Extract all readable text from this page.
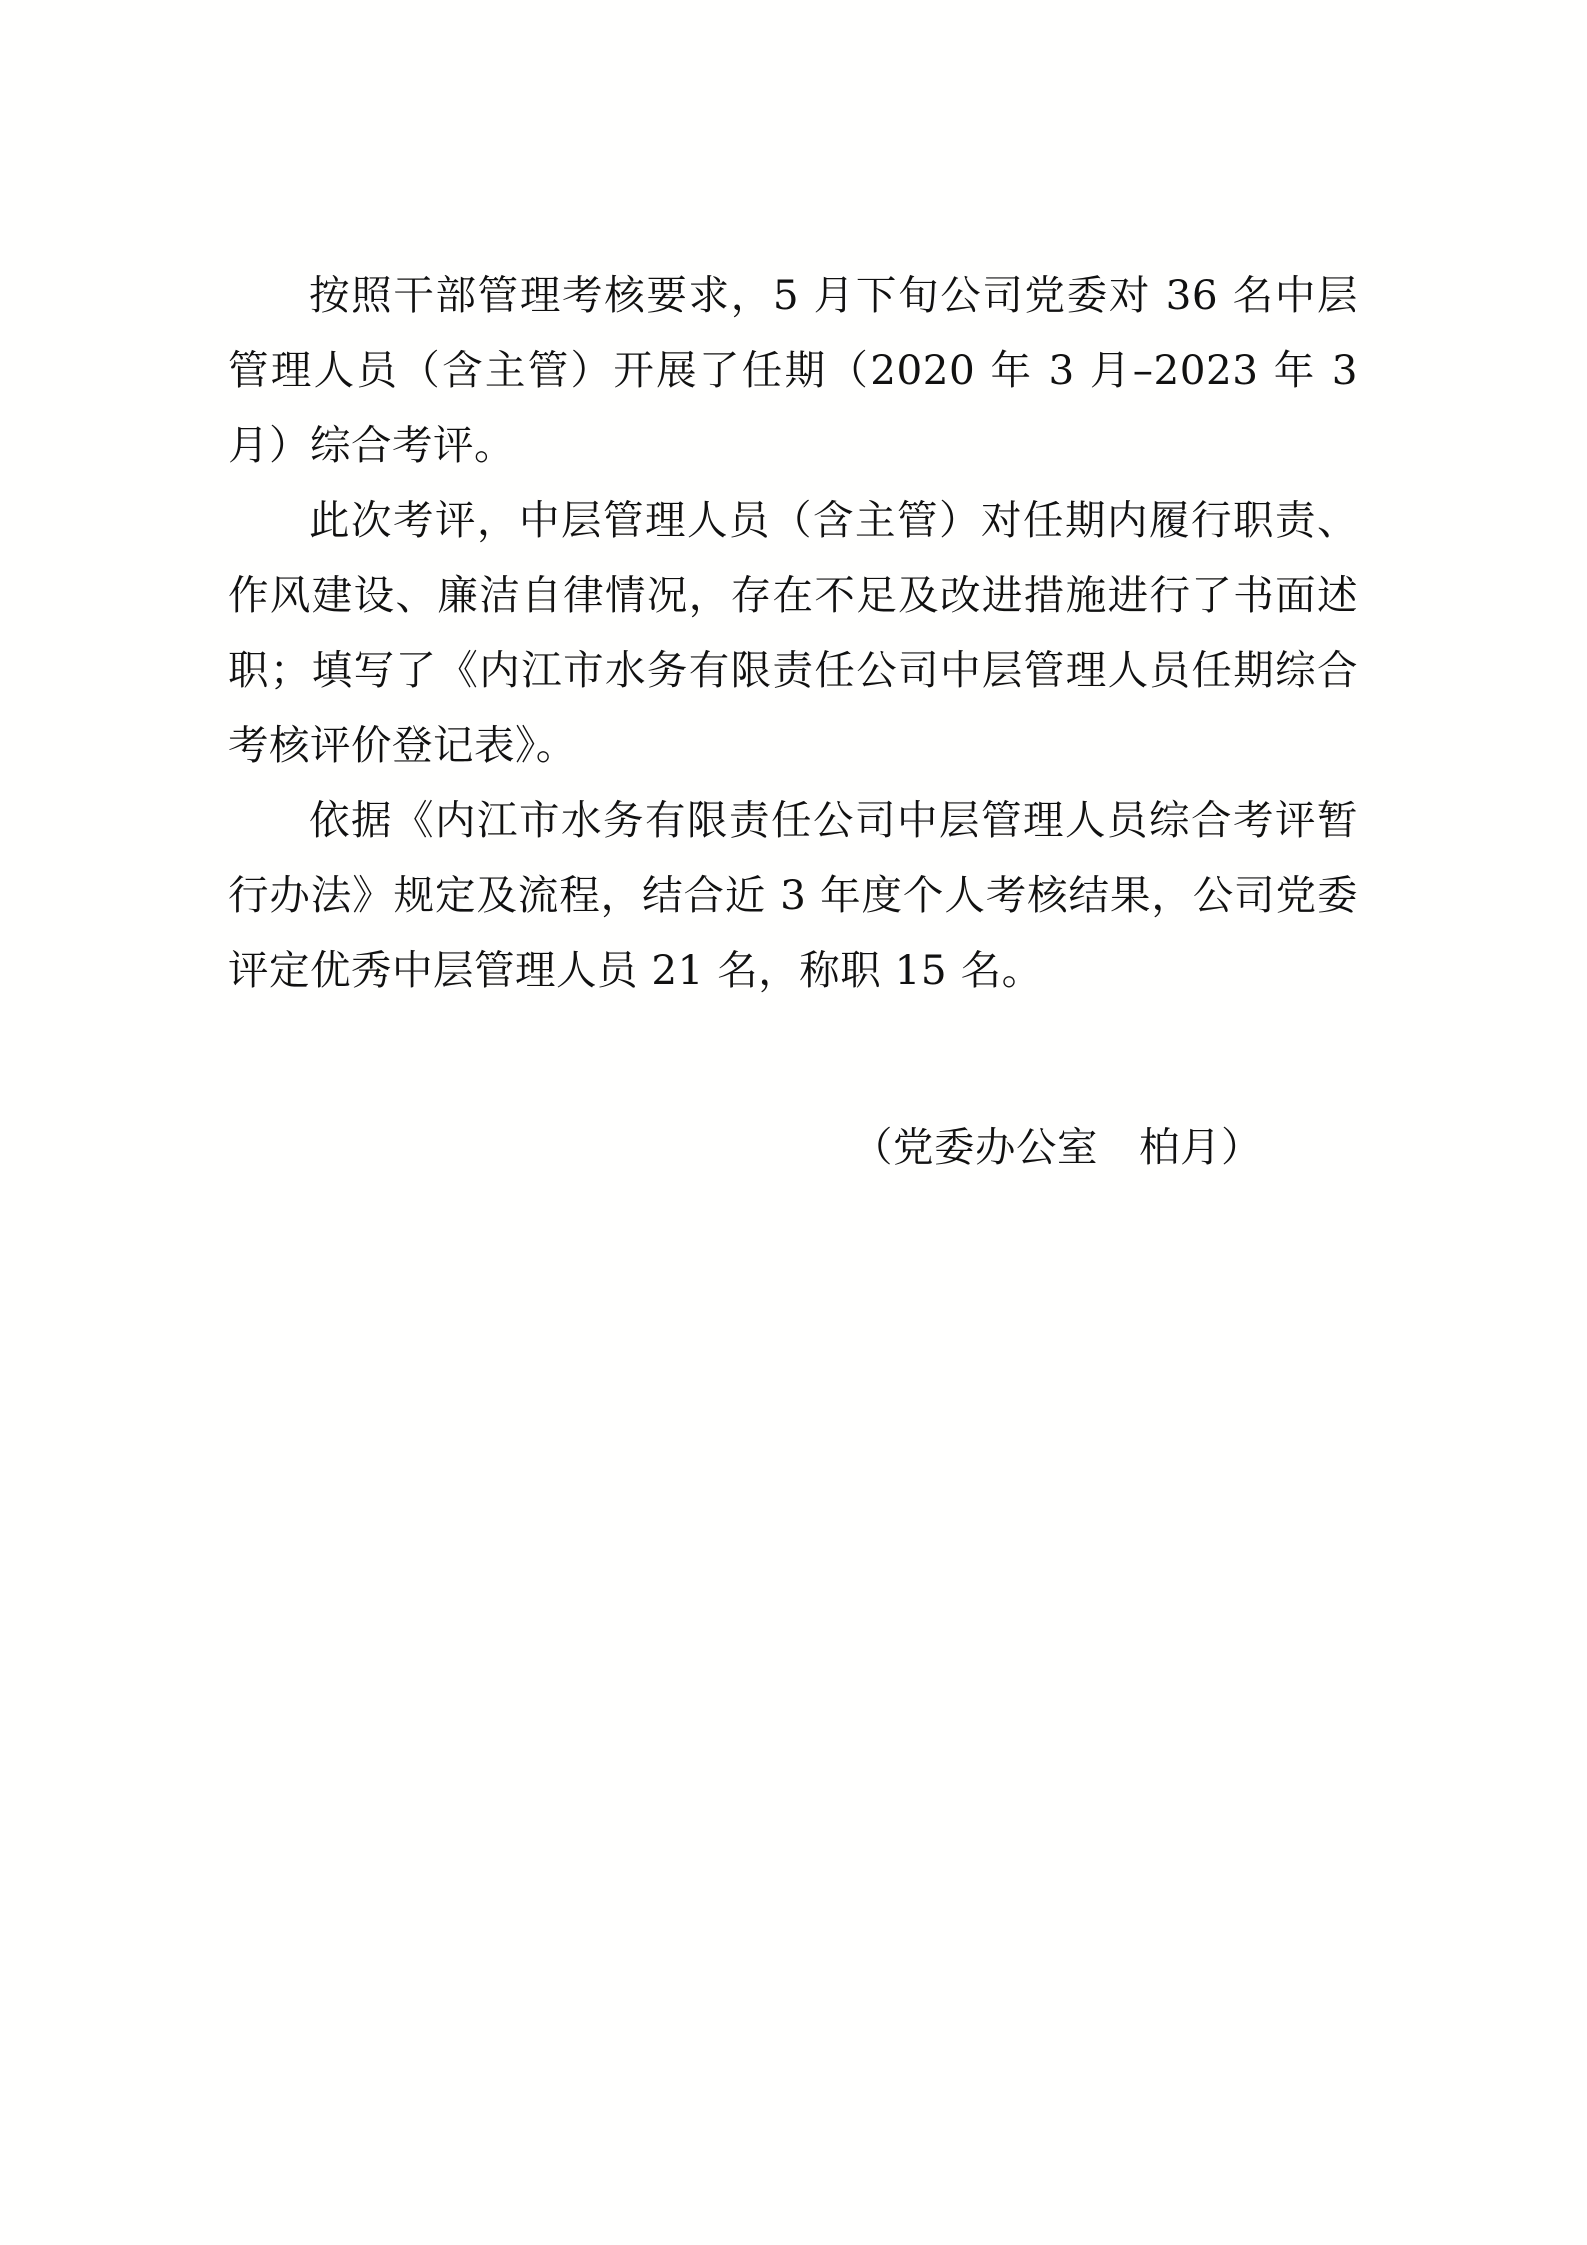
按照干部管理考核要求，5 月下旬公司党委对 36 名中层管理人员（含主管）开展了任期（2020 年 3 月–2023 年 3 月）综合考评。

此次考评，中层管理人员（含主管）对任期内履行职责、作风建设、廉洁自律情况，存在不足及改进措施进行了书面述职；填写了《内江市水务有限责任公司中层管理人员任期综合考核评价登记表》。

依据《内江市水务有限责任公司中层管理人员综合考评暂行办法》规定及流程，结合近 3 年度个人考核结果，公司党委评定优秀中层管理人员 21 名，称职 15 名。

（党委办公室　柏月）
